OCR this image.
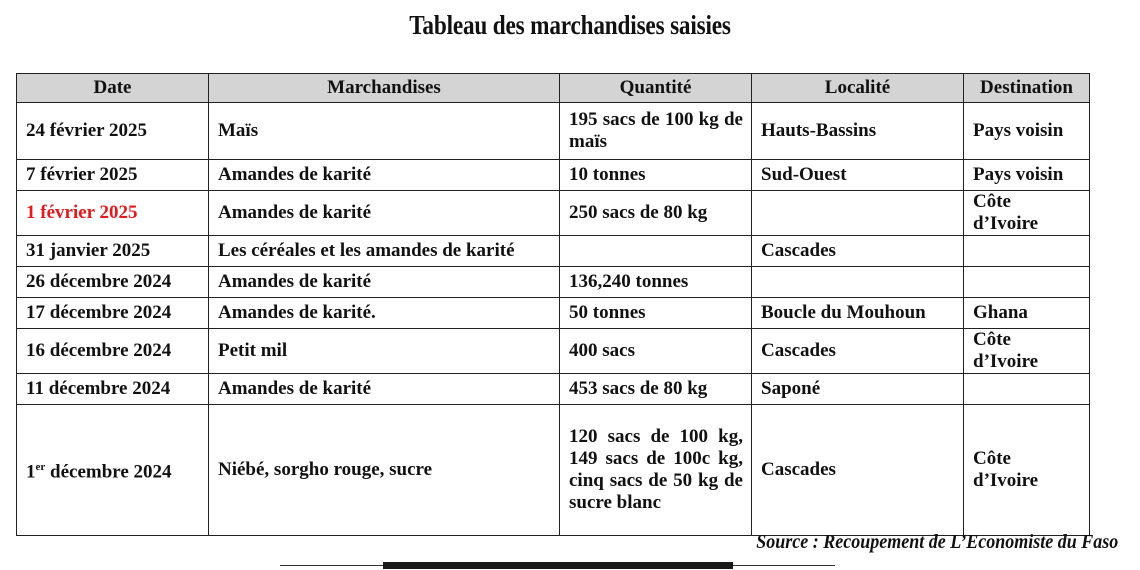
Tableau des marchandises saisies
Date	Marchandises	Quantité	Localité	Destination
24 février 2025	Maïs	195 sacs de 100 kg de maïs	Hauts-Bassins	Pays voisin
7 février 2025	Amandes de karité	10 tonnes	Sud-Ouest	Pays voisin
1 février 2025	Amandes de karité	250 sacs de 80 kg		Côte d’Ivoire
31 janvier 2025	Les céréales et les amandes de karité		Cascades	
26 décembre 2024	Amandes de karité	136,240 tonnes		
17 décembre 2024	Amandes de karité.	50 tonnes	Boucle du Mouhoun	Ghana
16 décembre 2024	Petit mil	400 sacs	Cascades	Côte d’Ivoire
11 décembre 2024	Amandes de karité	453 sacs de 80 kg	Saponé	
1er décembre 2024	Niébé, sorgho rouge, sucre	120 sacs de 100 kg, 149 sacs de 100c kg, cinq sacs de 50 kg de sucre blanc	Cascades	Côte d’Ivoire
Source : Recoupement de L’Economiste du Faso
